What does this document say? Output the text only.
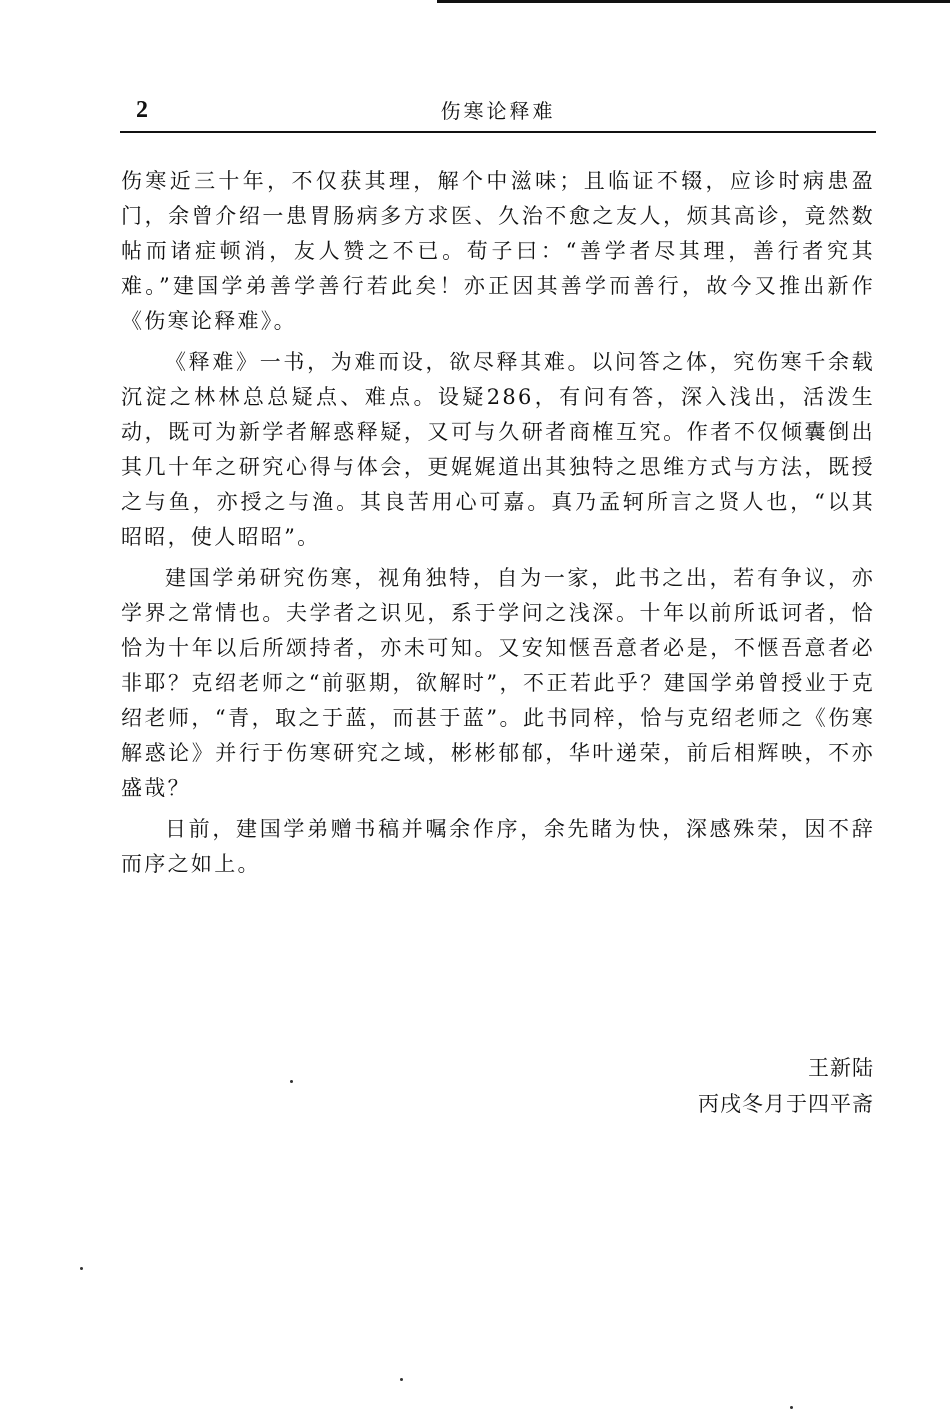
2	伤寒论释难

伤寒近三十年，不仅获其理，解个中滋味；且临证不辍，应诊时病患盈门，余曾介绍一患胃肠病多方求医、久治不愈之友人，烦其高诊，竟然数帖而诸症顿消，友人赞之不已。荀子曰：“善学者尽其理，善行者究其难。”建国学弟善学善行若此矣！亦正因其善学而善行，故今又推出新作《伤寒论释难》。

《释难》一书，为难而设，欲尽释其难。以问答之体，究伤寒千余载沉淀之林林总总疑点、难点。设疑286，有问有答，深入浅出，活泼生动，既可为新学者解惑释疑，又可与久研者商榷互究。作者不仅倾囊倒出其几十年之研究心得与体会，更娓娓道出其独特之思维方式与方法，既授之与鱼，亦授之与渔。其良苦用心可嘉。真乃孟轲所言之贤人也，“以其昭昭，使人昭昭”。

建国学弟研究伤寒，视角独特，自为一家，此书之出，若有争议，亦学界之常情也。夫学者之识见，系于学问之浅深。十年以前所诋诃者，恰恰为十年以后所颂持者，亦未可知。又安知惬吾意者必是，不惬吾意者必非耶？克绍老师之“前驱期，欲解时”，不正若此乎？建国学弟曾授业于克绍老师，“青，取之于蓝，而甚于蓝”。此书同梓，恰与克绍老师之《伤寒解惑论》并行于伤寒研究之域，彬彬郁郁，华叶递荣，前后相辉映，不亦盛哉？

日前，建国学弟赠书稿并嘱余作序，余先睹为快，深感殊荣，因不辞而序之如上。

王新陆
丙戌冬月于四平斋
